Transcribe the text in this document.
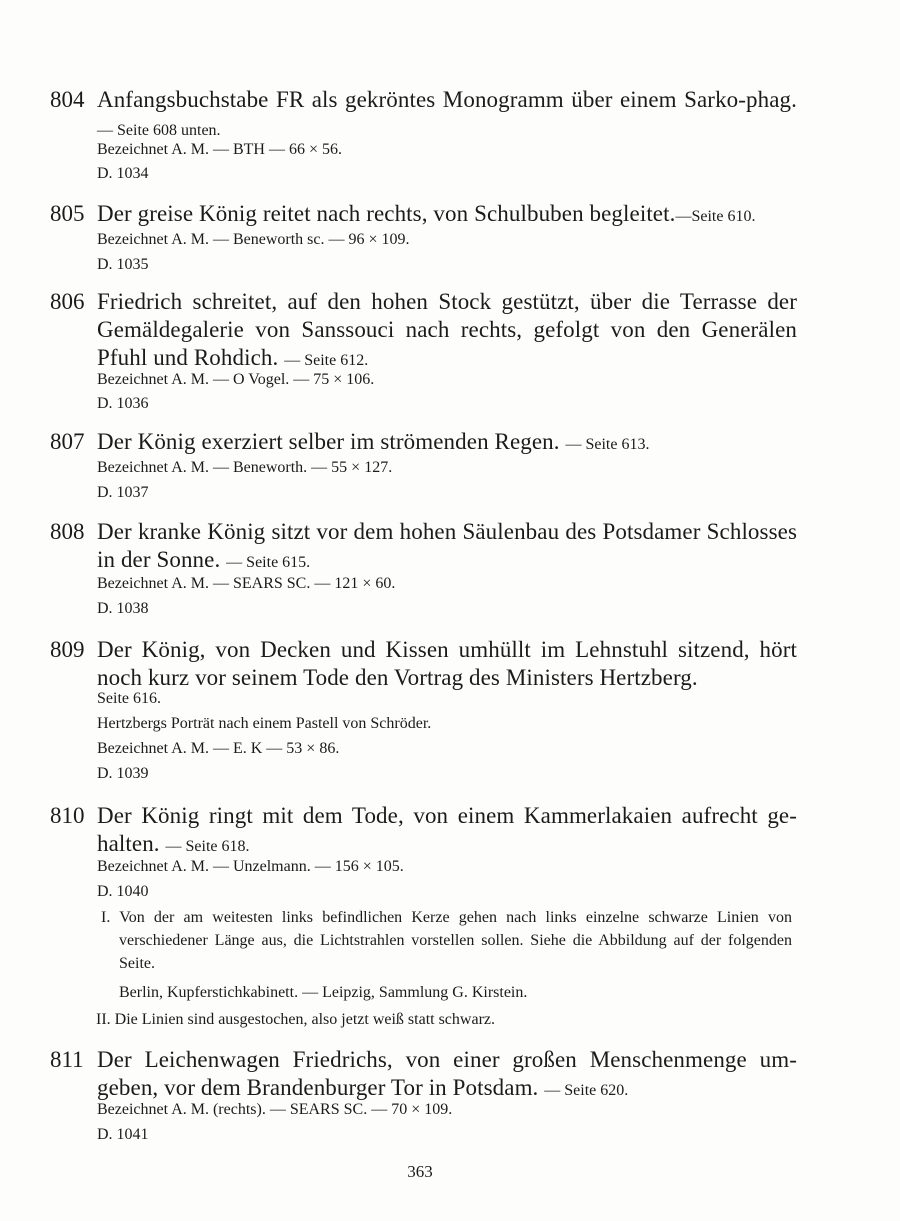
804 Anfangsbuchstabe FR als gekröntes Monogramm über einem Sarko-phag. — Seite 608 unten.
Bezeichnet A. M. — BTH — 66 × 56.
D. 1034
805 Der greise König reitet nach rechts, von Schulbuben begleitet.—Seite 610.
Bezeichnet A. M. — Beneworth sc. — 96 × 109.
D. 1035
806 Friedrich schreitet, auf den hohen Stock gestützt, über die Terrasse der Gemäldegalerie von Sanssouci nach rechts, gefolgt von den Generälen Pfuhl und Rohdich. — Seite 612.
Bezeichnet A. M. — O Vogel. — 75 × 106.
D. 1036
807 Der König exerziert selber im strömenden Regen. — Seite 613.
Bezeichnet A. M. — Beneworth. — 55 × 127.
D. 1037
808 Der kranke König sitzt vor dem hohen Säulenbau des Potsdamer Schlosses in der Sonne. — Seite 615.
Bezeichnet A. M. — SEARS SC. — 121 × 60.
D. 1038
809 Der König, von Decken und Kissen umhüllt im Lehnstuhl sitzend, hört noch kurz vor seinem Tode den Vortrag des Ministers Hertzberg.
Seite 616.
Hertzbergs Porträt nach einem Pastell von Schröder.
Bezeichnet A. M. — E. K — 53 × 86.
D. 1039
810 Der König ringt mit dem Tode, von einem Kammerlakaien aufrecht ge-halten. — Seite 618.
Bezeichnet A. M. — Unzelmann. — 156 × 105.
D. 1040
I. Von der am weitesten links befindlichen Kerze gehen nach links einzelne schwarze Linien von verschiedener Länge aus, die Lichtstrahlen vorstellen sollen. Siehe die Abbildung auf der folgenden Seite.
Berlin, Kupferstichkabinett. — Leipzig, Sammlung G. Kirstein.
II. Die Linien sind ausgestochen, also jetzt weiß statt schwarz.
811 Der Leichenwagen Friedrichs, von einer großen Menschenmenge um-geben, vor dem Brandenburger Tor in Potsdam. — Seite 620.
Bezeichnet A. M. (rechts). — SEARS SC. — 70 × 109.
D. 1041
363
